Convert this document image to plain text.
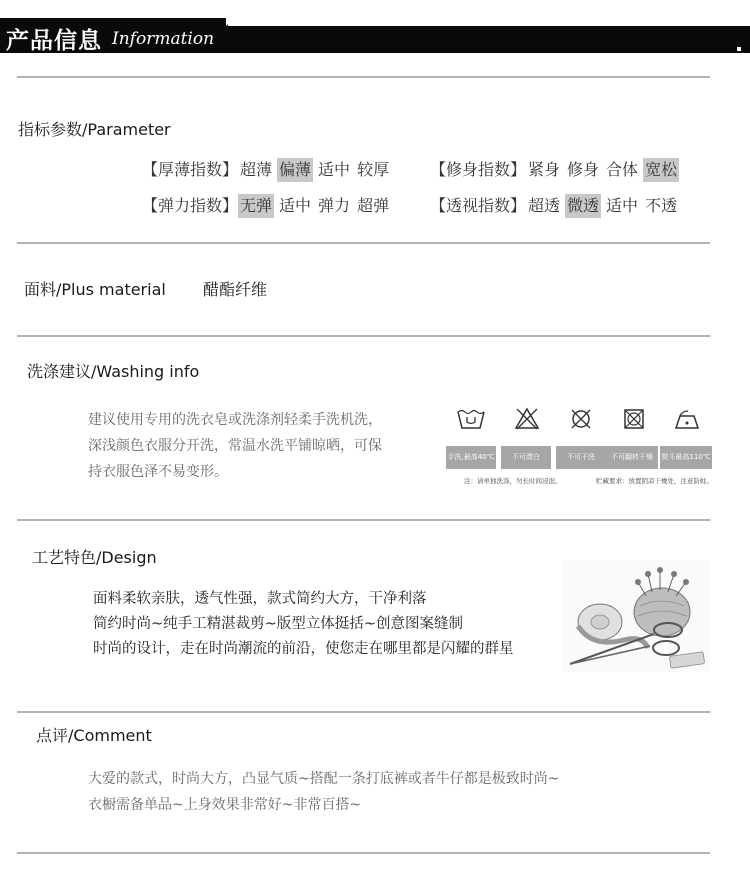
产品信息 Information
指标参数/Parameter
【厚薄指数】 超薄 偏薄 适中 较厚	【修身指数】 紧身 修身 合体 宽松
【弹力指数】 无弹 适中 弹力 超弹	【透视指数】 超透 微透 适中 不透
面料/Plus material 醋酯纤维
洗涤建议/Washing info
建议使用专用的洗衣皂或洗涤剂轻柔手洗机洗，
深浅颜色衣服分开洗，常温水洗平铺晾晒，可保
持衣服色泽不易变形。
手洗,最高40℃	不可漂白	不可干洗	不可翻转干燥	熨斗最高110℃
注：请单独洗涤，勿长时间浸泡。	贮藏要求：放置阴凉干燥处，注意防蛀。
工艺特色/Design
面料柔软亲肤，透气性强，款式简约大方，干净利落
简约时尚~纯手工精湛裁剪~版型立体挺括~创意图案缝制
时尚的设计，走在时尚潮流的前沿，使您走在哪里都是闪耀的群星
点评/Comment
大爱的款式，时尚大方，凸显气质~搭配一条打底裤或者牛仔都是极致时尚~
衣橱需备单品~上身效果非常好~非常百搭~
